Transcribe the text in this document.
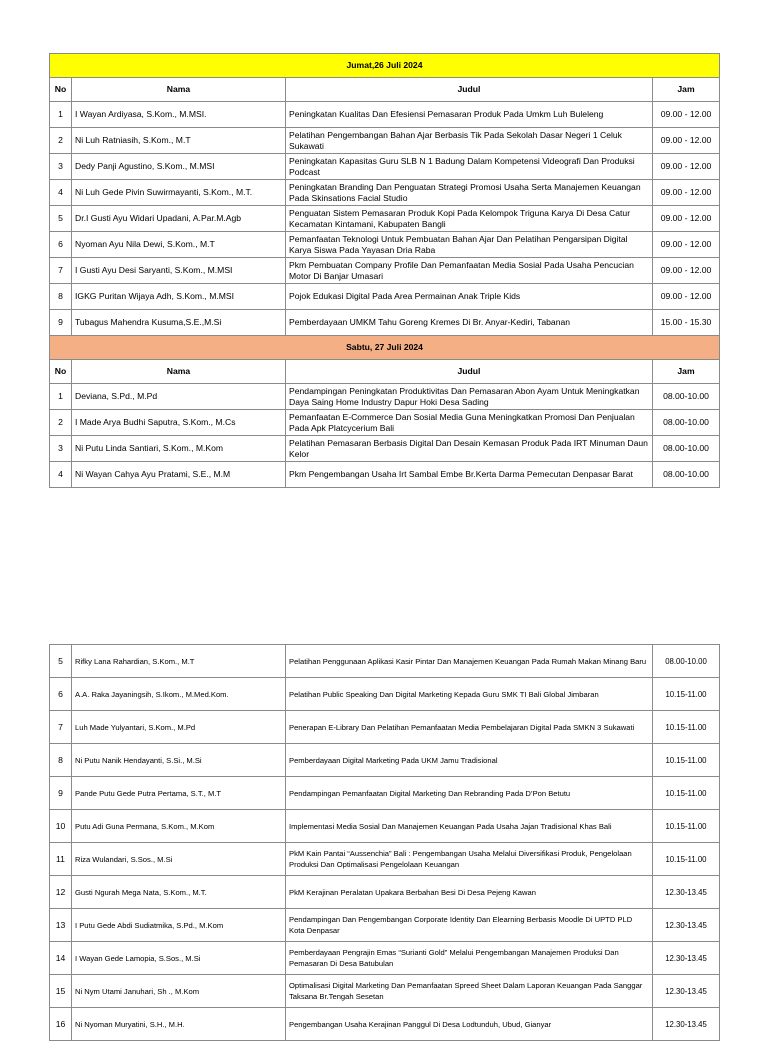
Jumat,26 Juli 2024			
No	Nama	Judul	Jam
1	I Wayan Ardiyasa, S.Kom., M.MSI.	Peningkatan Kualitas Dan Efesiensi Pemasaran Produk Pada Umkm Luh Buleleng	09.00 - 12.00
2	Ni Luh Ratniasih, S.Kom., M.T	Pelatihan Pengembangan Bahan Ajar Berbasis Tik Pada Sekolah Dasar Negeri 1 Celuk Sukawati	09.00 - 12.00
3	Dedy Panji Agustino, S.Kom., M.MSI	Peningkatan Kapasitas Guru SLB N 1 Badung Dalam Kompetensi Videografi Dan Produksi Podcast	09.00 - 12.00
4	Ni Luh Gede Pivin Suwirmayanti, S.Kom., M.T.	Peningkatan Branding Dan Penguatan Strategi Promosi Usaha Serta Manajemen Keuangan Pada Skinsations Facial Studio	09.00 - 12.00
5	Dr.I Gusti Ayu Widari Upadani, A.Par.M.Agb	Penguatan Sistem Pemasaran Produk Kopi Pada Kelompok Triguna Karya Di Desa Catur Kecamatan Kintamani, Kabupaten Bangli	09.00 - 12.00
6	Nyoman Ayu Nila Dewi, S.Kom., M.T	Pemanfaatan Teknologi Untuk Pembuatan Bahan Ajar Dan Pelatihan Pengarsipan Digital Karya Siswa Pada Yayasan Dria Raba	09.00 - 12.00
7	I Gusti Ayu Desi Saryanti, S.Kom., M.MSI	Pkm Pembuatan Company Profile Dan Pemanfaatan Media Sosial Pada Usaha Pencucian Motor Di Banjar Umasari	09.00 - 12.00
8	IGKG Puritan Wijaya Adh, S.Kom., M.MSI	Pojok Edukasi Digital Pada Area Permainan Anak Triple Kids	09.00 - 12.00
9	Tubagus Mahendra Kusuma,S.E.,M.Si	Pemberdayaan UMKM Tahu Goreng Kremes Di Br. Anyar-Kediri, Tabanan	15.00 - 15.30
Sabtu, 27 Juli 2024			
No	Nama	Judul	Jam
1	Deviana, S.Pd., M.Pd	Pendampingan Peningkatan Produktivitas Dan Pemasaran Abon Ayam Untuk Meningkatkan Daya Saing Home Industry Dapur Hoki Desa Sading	08.00-10.00
2	I Made Arya Budhi Saputra, S.Kom., M.Cs	Pemanfaatan E-Commerce Dan Sosial Media Guna Meningkatkan Promosi Dan Penjualan Pada Apk Platcycerium Bali	08.00-10.00
3	Ni Putu Linda Santiari, S.Kom., M.Kom	Pelatihan Pemasaran Berbasis Digital Dan Desain Kemasan Produk Pada IRT Minuman Daun Kelor	08.00-10.00
4	Ni Wayan Cahya Ayu Pratami, S.E., M.M	Pkm Pengembangan Usaha Irt Sambal Embe Br.Kerta Darma Pemecutan Denpasar Barat	08.00-10.00
5	Rifky Lana Rahardian, S.Kom., M.T	Pelatihan Penggunaan Aplikasi Kasir Pintar Dan Manajemen Keuangan Pada Rumah Makan Minang Baru	08.00-10.00
6	A.A. Raka Jayaningsih, S.Ikom., M.Med.Kom.	Pelatihan Public Speaking Dan Digital Marketing Kepada Guru SMK TI Bali Global Jimbaran	10.15-11.00
7	Luh Made Yulyantari, S.Kom., M.Pd	Penerapan E-Library Dan Pelatihan Pemanfaatan Media Pembelajaran Digital Pada SMKN 3 Sukawati	10.15-11.00
8	Ni Putu Nanik Hendayanti, S.Si., M.Si	Pemberdayaan Digital Marketing Pada UKM Jamu Tradisional	10.15-11.00
9	Pande Putu Gede Putra Pertama, S.T., M.T	Pendampingan Pemanfaatan Digital Marketing Dan Rebranding Pada D’Pon Betutu	10.15-11.00
10	Putu Adi Guna Permana, S.Kom., M.Kom	Implementasi Media Sosial Dan Manajemen Keuangan Pada Usaha Jajan Tradisional Khas Bali	10.15-11.00
11	Riza Wulandari, S.Sos., M.Si	PkM Kain Pantai “Aussenchia” Bali : Pengembangan Usaha Melalui Diversifikasi Produk, Pengelolaan Produksi Dan Optimalisasi Pengelolaan Keuangan	10.15-11.00
12	Gusti Ngurah Mega Nata, S.Kom., M.T.	PkM Kerajinan Peralatan Upakara Berbahan Besi Di Desa Pejeng Kawan	12.30-13.45
13	I Putu Gede Abdi Sudiatmika, S.Pd., M.Kom	Pendampingan Dan Pengembangan Corporate Identity Dan Elearning Berbasis Moodle Di UPTD PLD Kota Denpasar	12.30-13.45
14	I Wayan Gede Lamopia, S.Sos., M.Si	Pemberdayaan Pengrajin Emas “Surianti Gold” Melalui Pengembangan Manajemen Produksi Dan Pemasaran Di Desa Batubulan	12.30-13.45
15	Ni Nym Utami Januhari, Sh ., M.Kom	Optimalisasi Digital Marketing Dan Pemanfaatan Spreed Sheet Dalam Laporan Keuangan Pada Sanggar Taksana Br.Tengah Sesetan	12.30-13.45
16	Ni Nyoman Muryatini, S.H., M.H.	Pengembangan Usaha Kerajinan Panggul Di Desa Lodtunduh, Ubud, Gianyar	12.30-13.45
